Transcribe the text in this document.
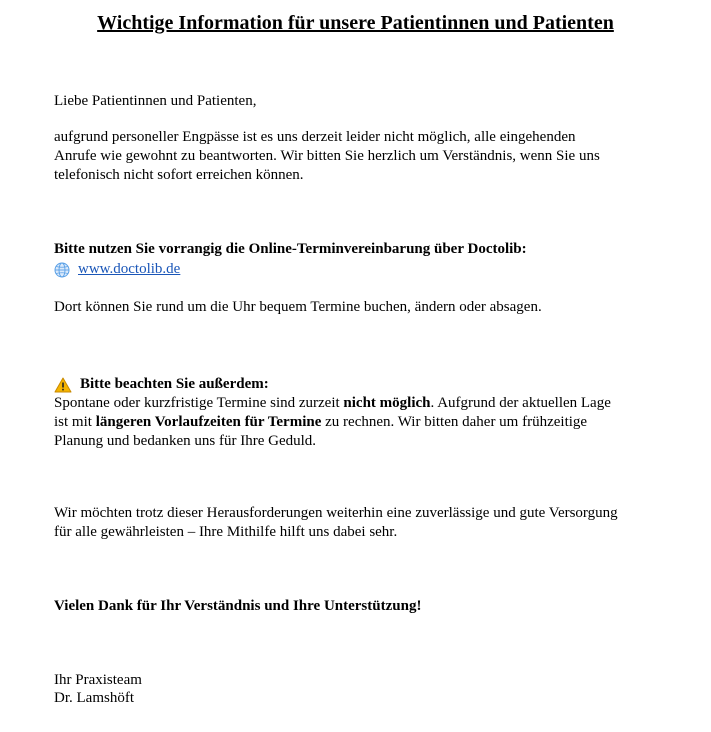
Wichtige Information für unsere Patientinnen und Patienten
Liebe Patientinnen und Patienten,
aufgrund personeller Engpässe ist es uns derzeit leider nicht möglich, alle eingehenden
Anrufe wie gewohnt zu beantworten. Wir bitten Sie herzlich um Verständnis, wenn Sie uns
telefonisch nicht sofort erreichen können.
Bitte nutzen Sie vorrangig die Online-Terminvereinbarung über Doctolib:
www.doctolib.de
Dort können Sie rund um die Uhr bequem Termine buchen, ändern oder absagen.
Bitte beachten Sie außerdem:
Spontane oder kurzfristige Termine sind zurzeit nicht möglich. Aufgrund der aktuellen Lage
ist mit längeren Vorlaufzeiten für Termine zu rechnen. Wir bitten daher um frühzeitige
Planung und bedanken uns für Ihre Geduld.
Wir möchten trotz dieser Herausforderungen weiterhin eine zuverlässige und gute Versorgung
für alle gewährleisten – Ihre Mithilfe hilft uns dabei sehr.
Vielen Dank für Ihr Verständnis und Ihre Unterstützung!
Ihr Praxisteam
Dr. Lamshöft
